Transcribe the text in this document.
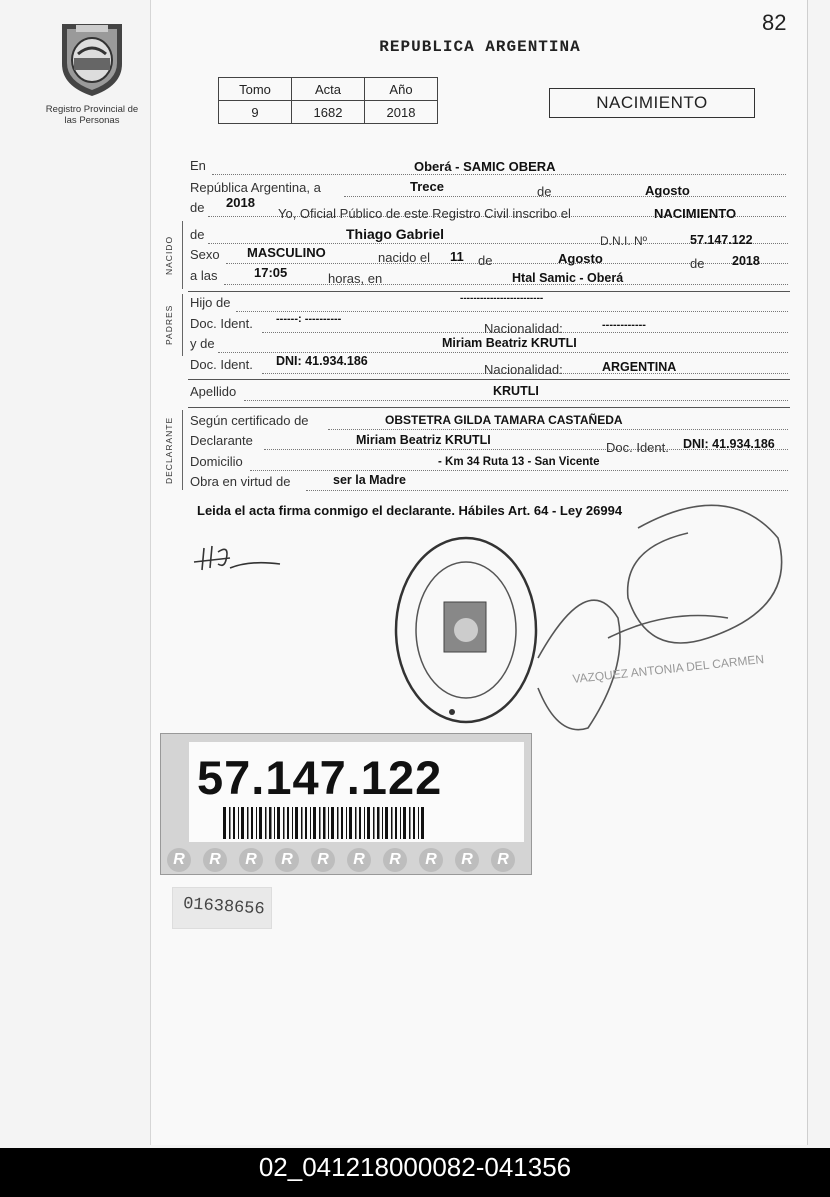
82
Registro Provincial de las Personas
REPUBLICA ARGENTINA
Tomo	Acta	Año
9	1682	2018	NACIMIENTO
En	Oberá - SAMIC OBERA
República Argentina, a	Trece	de	Agosto
de 2018
Yo, Oficial Público de este Registro Civil inscribo el	NACIMIENTO
NACIDO
de	Thiago Gabriel	D.N.I. Nº	57.147.122
Sexo MASCULINO	nacido el 11 de	Agosto	de 2018
a las	17:05	horas, en	Htal Samic - Oberá
PADRES
Hijo de	-------------------------
Doc. Ident. ------: ----------
Nacionalidad:	------------
y de	Miriam Beatriz KRUTLI
Doc. Ident. DNI: 41.934.186
Nacionalidad:	ARGENTINA
Apellido	KRUTLI
DECLARANTE	Según certificado de	OBSTETRA GILDA TAMARA CASTAÑEDA
Declarante	Miriam Beatriz KRUTLI	Doc. Ident. DNI: 41.934.186
Domicilio	- Km 34 Ruta 13 - San Vicente
Obra en virtud de	ser la Madre
Leida el acta firma conmigo el declarante. Hábiles Art. 64 - Ley 26994
VAZQUEZ ANTONIA DEL CARMEN
57.147.122
R	R	R	R	R	R	R	R	R	R
01638656
02_041218000082-041356
